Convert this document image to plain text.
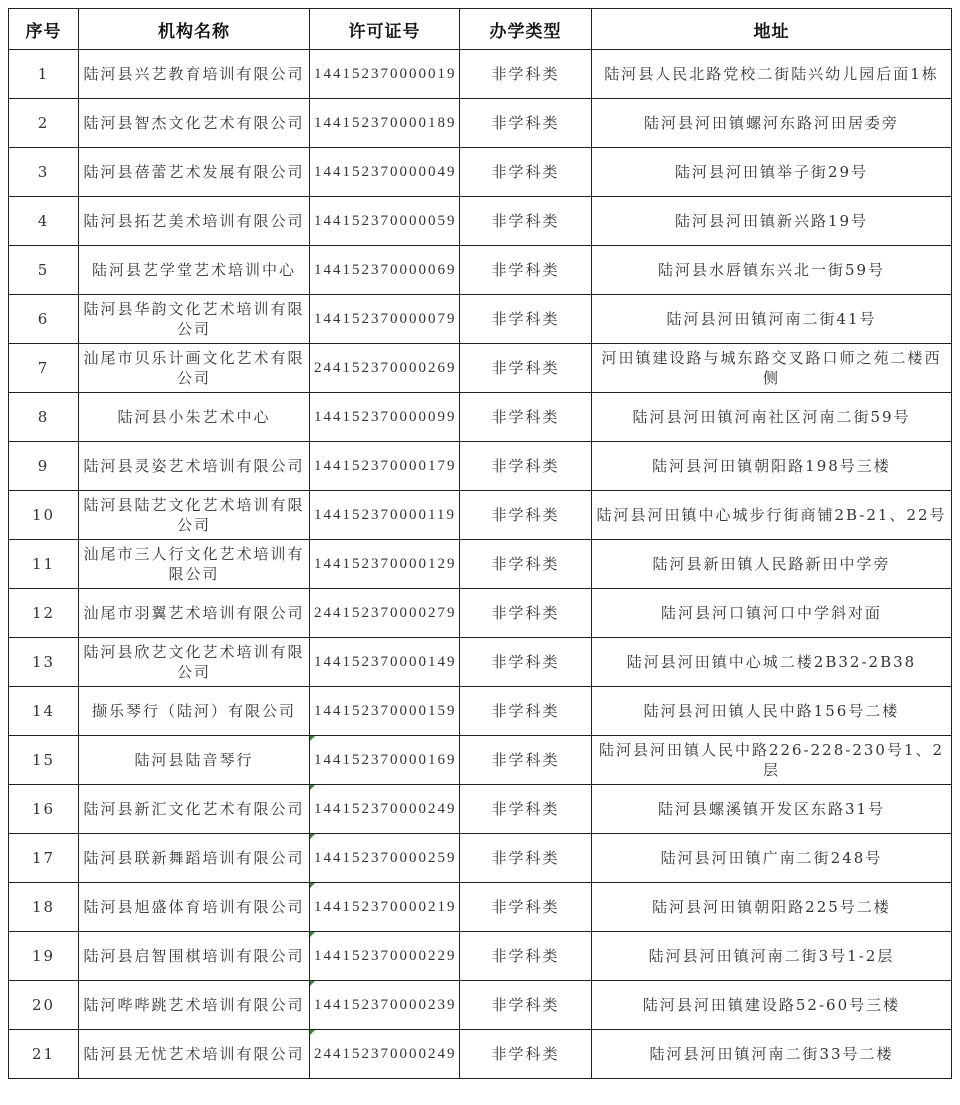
序号	机构名称	许可证号	办学类型	地址
1	陆河县兴艺教育培训有限公司	144152370000019	非学科类	陆河县人民北路党校二街陆兴幼儿园后面1栋
2	陆河县智杰文化艺术有限公司	144152370000189	非学科类	陆河县河田镇螺河东路河田居委旁
3	陆河县蓓蕾艺术发展有限公司	144152370000049	非学科类	陆河县河田镇举子街29号
4	陆河县拓艺美术培训有限公司	144152370000059	非学科类	陆河县河田镇新兴路19号
5	陆河县艺学堂艺术培训中心	144152370000069	非学科类	陆河县水唇镇东兴北一街59号
6	陆河县华韵文化艺术培训有限公司	144152370000079	非学科类	陆河县河田镇河南二街41号
7	汕尾市贝乐计画文化艺术有限公司	244152370000269	非学科类	河田镇建设路与城东路交叉路口师之苑二楼西侧
8	陆河县小朱艺术中心	144152370000099	非学科类	陆河县河田镇河南社区河南二街59号
9	陆河县灵姿艺术培训有限公司	144152370000179	非学科类	陆河县河田镇朝阳路198号三楼
10	陆河县陆艺文化艺术培训有限公司	144152370000119	非学科类	陆河县河田镇中心城步行街商铺2B-21、22号
11	汕尾市三人行文化艺术培训有限公司	144152370000129	非学科类	陆河县新田镇人民路新田中学旁
12	汕尾市羽翼艺术培训有限公司	244152370000279	非学科类	陆河县河口镇河口中学斜对面
13	陆河县欣艺文化艺术培训有限公司	144152370000149	非学科类	陆河县河田镇中心城二楼2B32-2B38
14	撷乐琴行（陆河）有限公司	144152370000159	非学科类	陆河县河田镇人民中路156号二楼
15	陆河县陆音琴行	144152370000169	非学科类	陆河县河田镇人民中路226-228-230号1、2层
16	陆河县新汇文化艺术有限公司	144152370000249	非学科类	陆河县螺溪镇开发区东路31号
17	陆河县联新舞蹈培训有限公司	144152370000259	非学科类	陆河县河田镇广南二街248号
18	陆河县旭盛体育培训有限公司	144152370000219	非学科类	陆河县河田镇朝阳路225号二楼
19	陆河县启智围棋培训有限公司	144152370000229	非学科类	陆河县河田镇河南二街3号1-2层
20	陆河哔哔跳艺术培训有限公司	144152370000239	非学科类	陆河县河田镇建设路52-60号三楼
21	陆河县无忧艺术培训有限公司	244152370000249	非学科类	陆河县河田镇河南二街33号二楼
